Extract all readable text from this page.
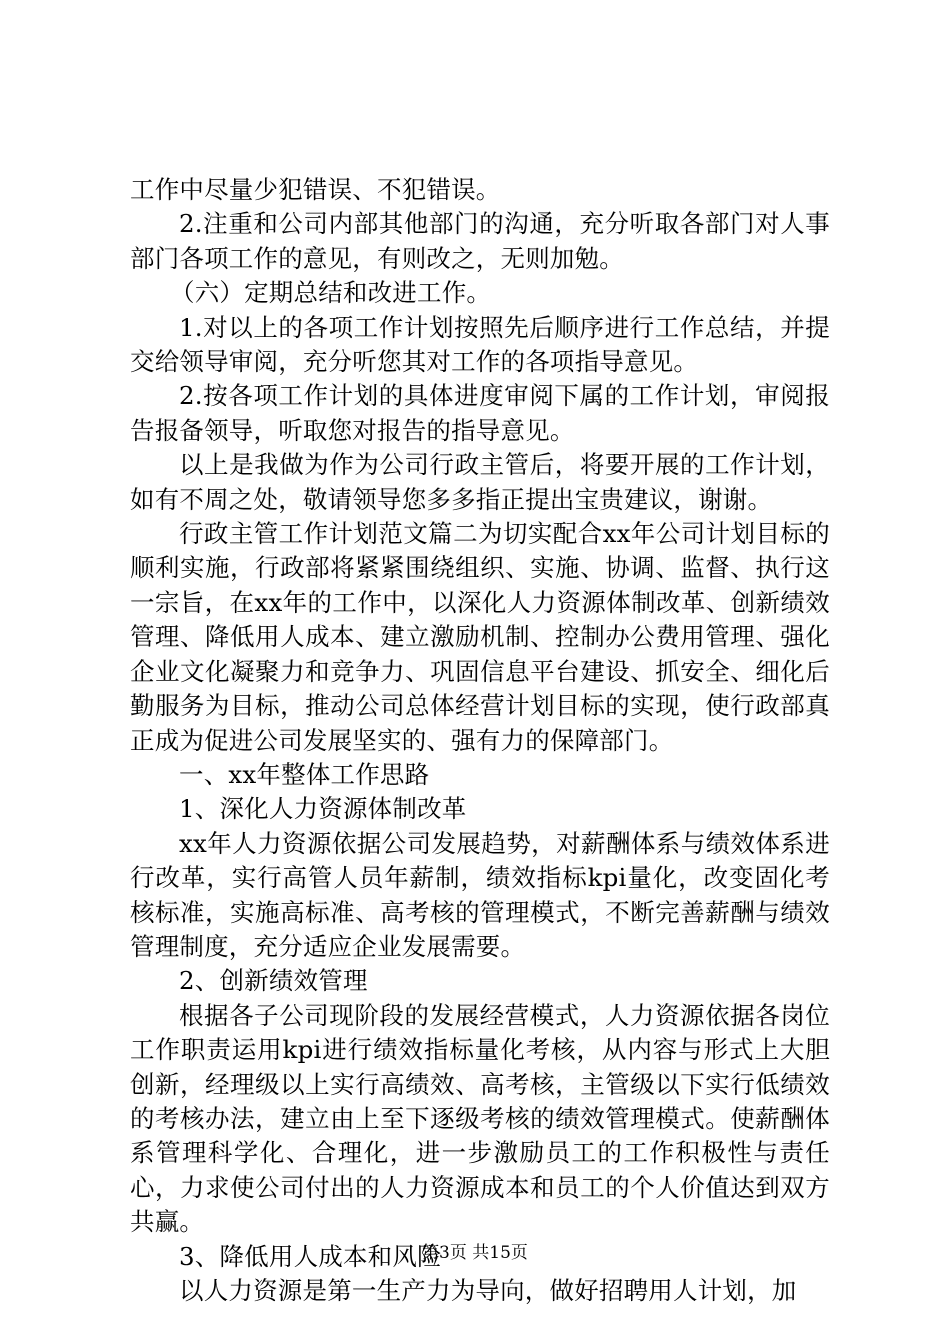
工作中尽量少犯错误、不犯错误。

2.注重和公司内部其他部门的沟通，充分听取各部门对人事部门各项工作的意见，有则改之，无则加勉。

（六）定期总结和改进工作。

1.对以上的各项工作计划按照先后顺序进行工作总结，并提交给领导审阅，充分听您其对工作的各项指导意见。

2.按各项工作计划的具体进度审阅下属的工作计划，审阅报告报备领导，听取您对报告的指导意见。

以上是我做为作为公司行政主管后，将要开展的工作计划，如有不周之处，敬请领导您多多指正提出宝贵建议，谢谢。

行政主管工作计划范文篇二为切实配合xx年公司计划目标的顺利实施，行政部将紧紧围绕组织、实施、协调、监督、执行这一宗旨，在xx年的工作中，以深化人力资源体制改革、创新绩效管理、降低用人成本、建立激励机制、控制办公费用管理、强化企业文化凝聚力和竞争力、巩固信息平台建设、抓安全、细化后勤服务为目标，推动公司总体经营计划目标的实现，使行政部真正成为促进公司发展坚实的、强有力的保障部门。

一、xx年整体工作思路

1、深化人力资源体制改革

xx年人力资源依据公司发展趋势，对薪酬体系与绩效体系进行改革，实行高管人员年薪制，绩效指标kpi量化，改变固化考核标准，实施高标准、高考核的管理模式，不断完善薪酬与绩效管理制度，充分适应企业发展需要。

2、创新绩效管理

根据各子公司现阶段的发展经营模式，人力资源依据各岗位工作职责运用kpi进行绩效指标量化考核，从内容与形式上大胆创新，经理级以上实行高绩效、高考核，主管级以下实行低绩效的考核办法，建立由上至下逐级考核的绩效管理模式。使薪酬体系管理科学化、合理化，进一步激励员工的工作积极性与责任心，力求使公司付出的人力资源成本和员工的个人价值达到双方共赢。

3、降低用人成本和风险

以人力资源是第一生产力为导向，做好招聘用人计划，加

第3页 共15页
